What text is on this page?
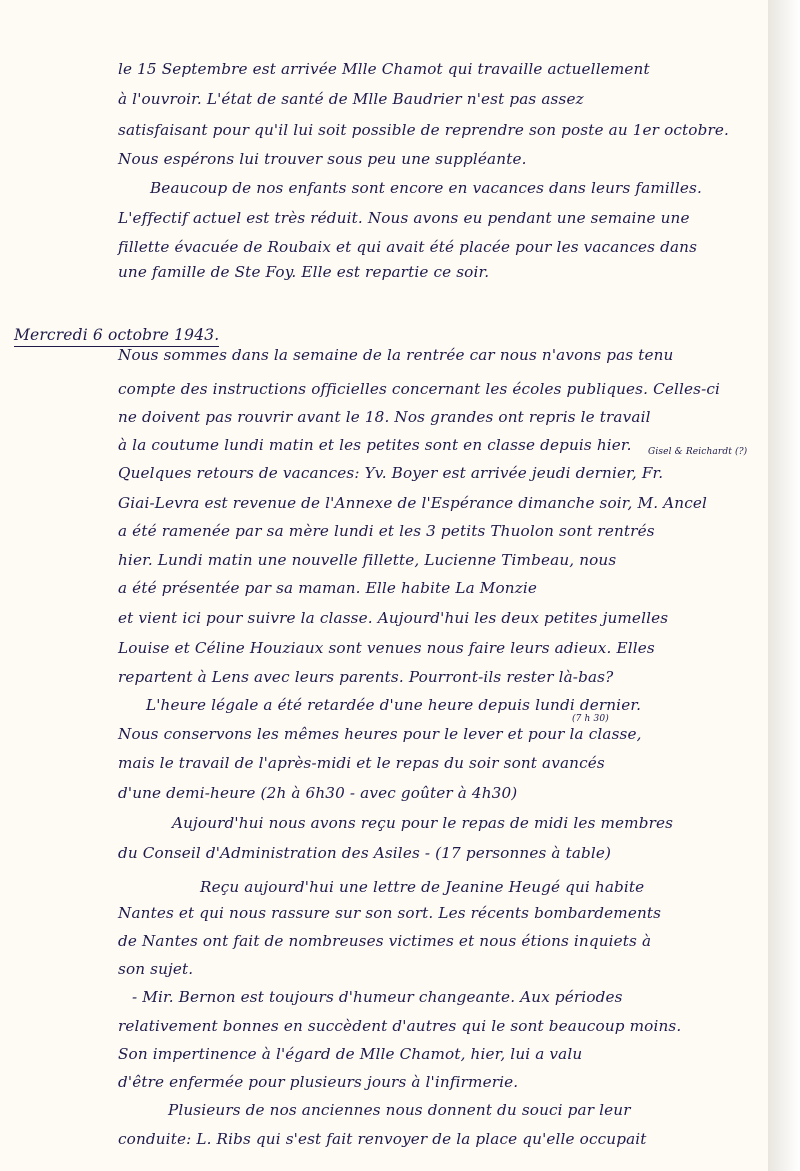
le 15 Septembre est arrivée Mlle Chamot qui travaille actuellement
à l'ouvroir. L'état de santé de Mlle Baudrier n'est pas assez
satisfaisant pour qu'il lui soit possible de reprendre son poste au 1er octobre.
Nous espérons lui trouver sous peu une suppléante.
Beaucoup de nos enfants sont encore en vacances dans leurs familles.
L'effectif actuel est très réduit. Nous avons eu pendant une semaine une
fillette évacuée de Roubaix et qui avait été placée pour les vacances dans
une famille de Ste Foy. Elle est repartie ce soir.
Mercredi 6 octobre 1943.
Nous sommes dans la semaine de la rentrée car nous n'avons pas tenu
compte des instructions officielles concernant les écoles publiques. Celles-ci
ne doivent pas rouvrir avant le 18. Nos grandes ont repris le travail
à la coutume lundi matin et les petites sont en classe depuis hier. Gisel & Reichardt (?)
Quelques retours de vacances: Yv. Boyer est arrivée jeudi dernier, Fr.
Giai-Levra est revenue de l'Annexe de l'Espérance dimanche soir, M. Ancel
a été ramenée par sa mère lundi et les 3 petits Thuolon sont rentrés
hier. Lundi matin une nouvelle fillette, Lucienne Timbeau, nous
a été présentée par sa maman. Elle habite La Monzie
et vient ici pour suivre la classe. Aujourd'hui les deux petites jumelles
Louise et Céline Houziaux sont venues nous faire leurs adieux. Elles
repartent à Lens avec leurs parents. Pourront-ils rester là-bas?
L'heure légale a été retardée d'une heure depuis lundi dernier.
(7 h 30)
Nous conservons les mêmes heures pour le lever et pour la classe,
mais le travail de l'après-midi et le repas du soir sont avancés
d'une demi-heure (2h à 6h30 - avec goûter à 4h30)
Aujourd'hui nous avons reçu pour le repas de midi les membres
du Conseil d'Administration des Asiles - (17 personnes à table)
Reçu aujourd'hui une lettre de Jeanine Heugé qui habite
Nantes et qui nous rassure sur son sort. Les récents bombardements
de Nantes ont fait de nombreuses victimes et nous étions inquiets à
son sujet.
- Mir. Bernon est toujours d'humeur changeante. Aux périodes
relativement bonnes en succèdent d'autres qui le sont beaucoup moins.
Son impertinence à l'égard de Mlle Chamot, hier, lui a valu
d'être enfermée pour plusieurs jours à l'infirmerie.
Plusieurs de nos anciennes nous donnent du souci par leur
conduite: L. Ribs qui s'est fait renvoyer de la place qu'elle occupait
